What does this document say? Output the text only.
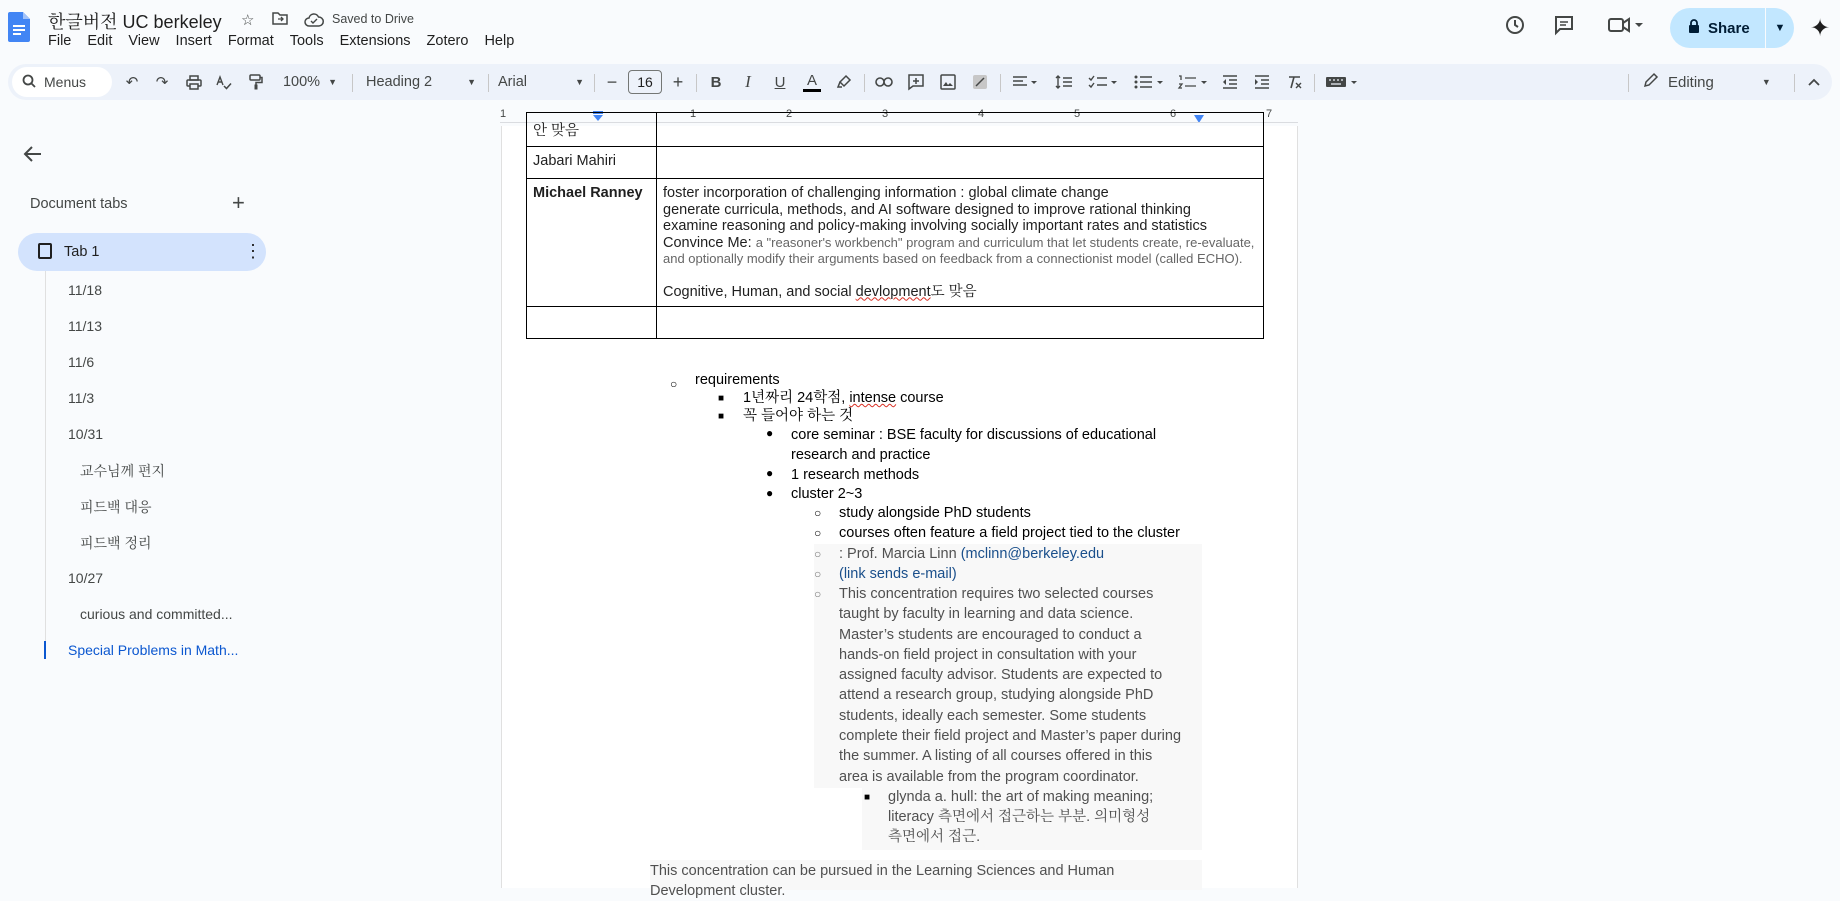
한글버전 UC berkeley ☆	Saved to Drive
File	Edit	View	Insert	Format	Tools	Extensions	Zotero	Help
Share	▼	✦
Menus	↶	↷	100% ▼ Heading 2	▼ Arial	▼ −	16	+	B	I	U	A	Editing	▼
1	1	2	3	4	5	6	7
Document tabs	+
Tab 1	⋮
11/18
11/13
11/6
11/3
10/31
교수님께 편지
피드백 대응
피드백 정리
10/27
curious and committed...
Special Problems in Math...
안 맞음	
Jabari Mahiri	
Michael Ranney	foster incorporation of challenging information : global climate change
generate curricula, methods, and AI software designed to improve rational thinking
examine reasoning and policy-making involving socially important rates and statistics
Convince Me: a "reasoner's workbench" program and curriculum that let students create, re-evaluate, and optionally modify their arguments based on feedback from a connectionist model (called ECHO).
Cognitive, Human, and social devlopment도 맞음

○ requirements
■ 1년짜리 24학점, intense course
■ 꼭 들어야 하는 것
● core seminar : BSE faculty for discussions of educational
research and practice
● 1 research methods
● cluster 2~3
○ study alongside PhD students
○ courses often feature a field project tied to the cluster
○ : Prof. Marcia Linn (mclinn@berkeley.edu
○ (link sends e-mail)
○ This concentration requires two selected courses
taught by faculty in learning and data science.
Master’s students are encouraged to conduct a
hands-on field project in consultation with your
assigned faculty advisor. Students are expected to
attend a research group, studying alongside PhD
students, ideally each semester. Some students
complete their field project and Master’s paper during
the summer. A listing of all courses offered in this
area is available from the program coordinator.
■ glynda a. hull: the art of making meaning;
literacy 측면에서 접근하는 부분. 의미형성
측면에서 접근.
This concentration can be pursued in the Learning Sciences and Human
Development cluster.
